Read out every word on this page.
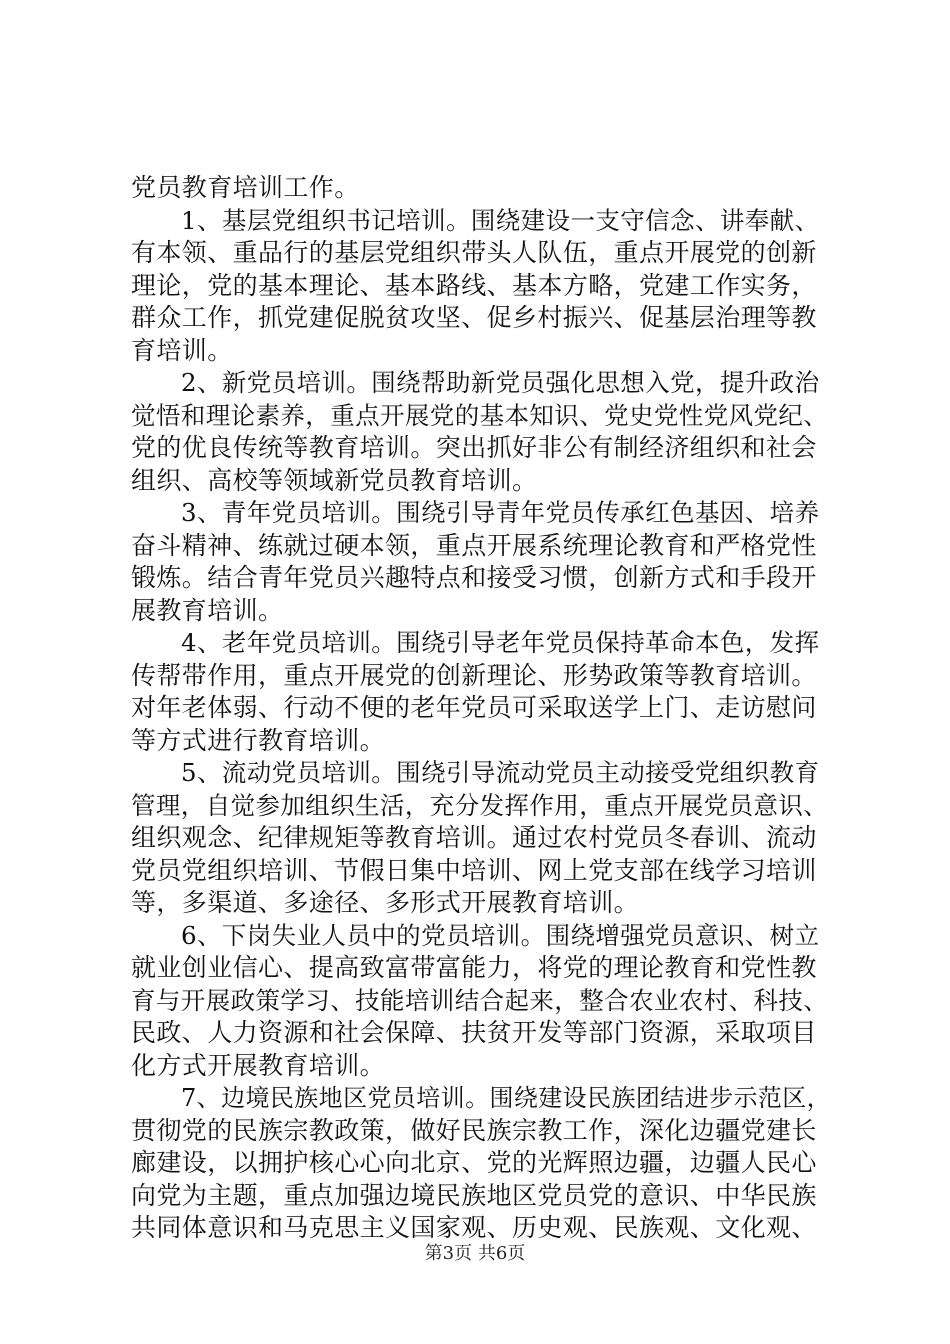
党员教育培训工作。
1、基层党组织书记培训。围绕建设一支守信念、讲奉献、
有本领、重品行的基层党组织带头人队伍，重点开展党的创新
理论，党的基本理论、基本路线、基本方略，党建工作实务，
群众工作，抓党建促脱贫攻坚、促乡村振兴、促基层治理等教
育培训。
2、新党员培训。围绕帮助新党员强化思想入党，提升政治
觉悟和理论素养，重点开展党的基本知识、党史党性党风党纪、
党的优良传统等教育培训。突出抓好非公有制经济组织和社会
组织、高校等领域新党员教育培训。
3、青年党员培训。围绕引导青年党员传承红色基因、培养
奋斗精神、练就过硬本领，重点开展系统理论教育和严格党性
锻炼。结合青年党员兴趣特点和接受习惯，创新方式和手段开
展教育培训。
4、老年党员培训。围绕引导老年党员保持革命本色，发挥
传帮带作用，重点开展党的创新理论、形势政策等教育培训。
对年老体弱、行动不便的老年党员可采取送学上门、走访慰问
等方式进行教育培训。
5、流动党员培训。围绕引导流动党员主动接受党组织教育
管理，自觉参加组织生活，充分发挥作用，重点开展党员意识、
组织观念、纪律规矩等教育培训。通过农村党员冬春训、流动
党员党组织培训、节假日集中培训、网上党支部在线学习培训
等，多渠道、多途径、多形式开展教育培训。
6、下岗失业人员中的党员培训。围绕增强党员意识、树立
就业创业信心、提高致富带富能力，将党的理论教育和党性教
育与开展政策学习、技能培训结合起来，整合农业农村、科技、
民政、人力资源和社会保障、扶贫开发等部门资源，采取项目
化方式开展教育培训。
7、边境民族地区党员培训。围绕建设民族团结进步示范区，
贯彻党的民族宗教政策，做好民族宗教工作，深化边疆党建长
廊建设，以拥护核心心向北京、党的光辉照边疆，边疆人民心
向党为主题，重点加强边境民族地区党员党的意识、中华民族
共同体意识和马克思主义国家观、历史观、民族观、文化观、
第3页 共6页
